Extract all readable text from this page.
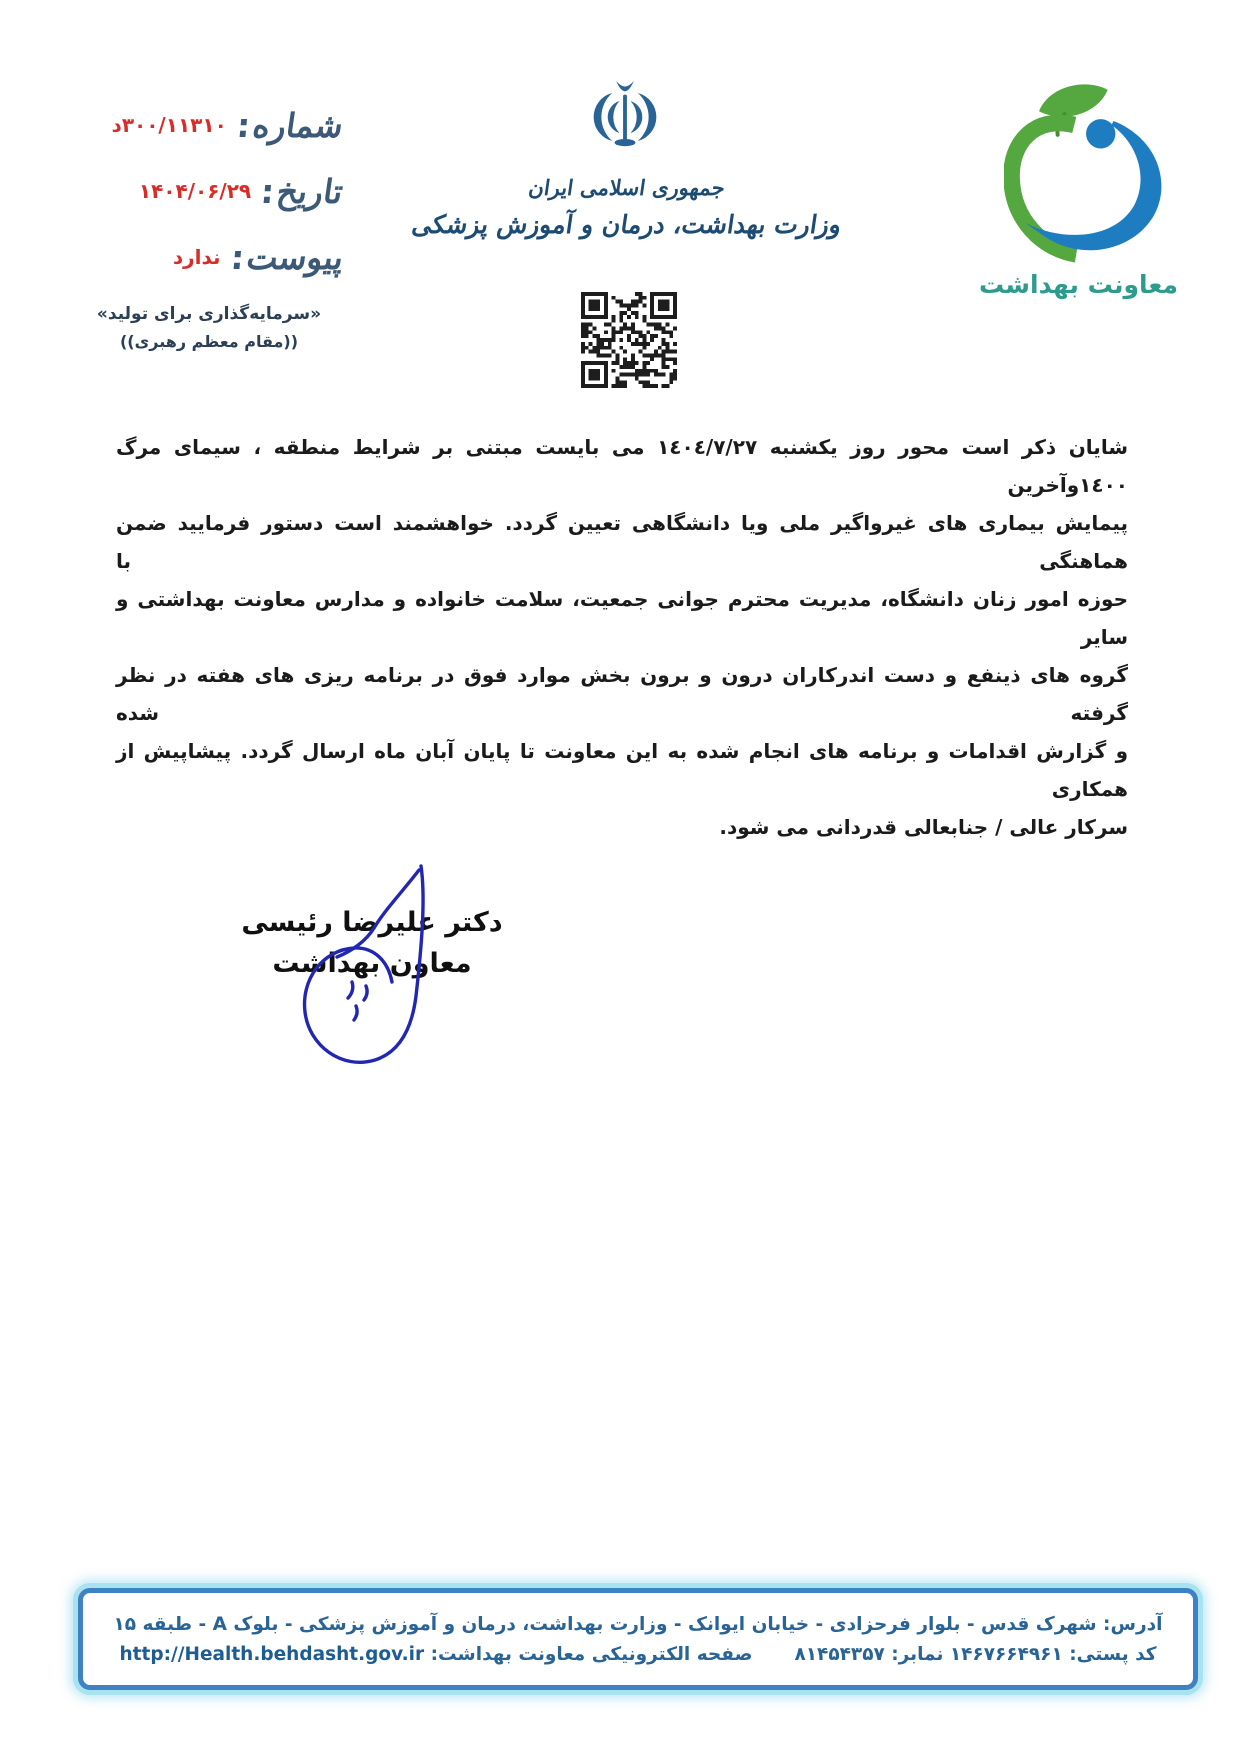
شماره:
۳۰۰/۱۱۳۱۰د
تاريخ:
۱۴۰۴/۰۶/۲۹
پیوست:
ندارد
«سرمایه‌گذاری برای تولید»
((مقام معظم رهبری))
جمهوری اسلامی ایران
وزارت بهداشت، درمان و آموزش پزشکی
معاونت بهداشت
شایان ذکر است محور روز یکشنبه ۱٤۰٤/۷/۲۷ می بایست مبتنی بر شرایط منطقه ، سیمای مرگ ۱٤۰۰وآخرین
پیمایش بیماری های غیرواگیر ملی ویا دانشگاهی تعیین گردد. خواهشمند است دستور فرمایید ضمن هماهنگی با
حوزه امور زنان دانشگاه، مدیریت محترم جوانی جمعیت، سلامت خانواده و مدارس معاونت بهداشتی و سایر
گروه های ذینفع و دست اندرکاران درون و برون بخش موارد فوق در برنامه ریزی های هفته در نظر گرفته شده
و گزارش اقدامات و برنامه های انجام شده به این معاونت تا پایان آبان ماه ارسال گردد. پیشاپیش از همکاری
سرکار عالی / جنابعالی قدردانی می شود.
دکتر علیرضا رئیسی
معاون بهداشت
آدرس: شهرک قدس - بلوار فرحزادی - خیابان ایوانک - وزارت بهداشت، درمان و آموزش پزشکی - بلوک A - طبقه ۱۵
کد پستی: ۱۴۶۷۶۶۴۹۶۱ نمابر: ۸۱۴۵۴۳۵۷صفحه الکترونیکی معاونت بهداشت: http://Health.behdasht.gov.ir
